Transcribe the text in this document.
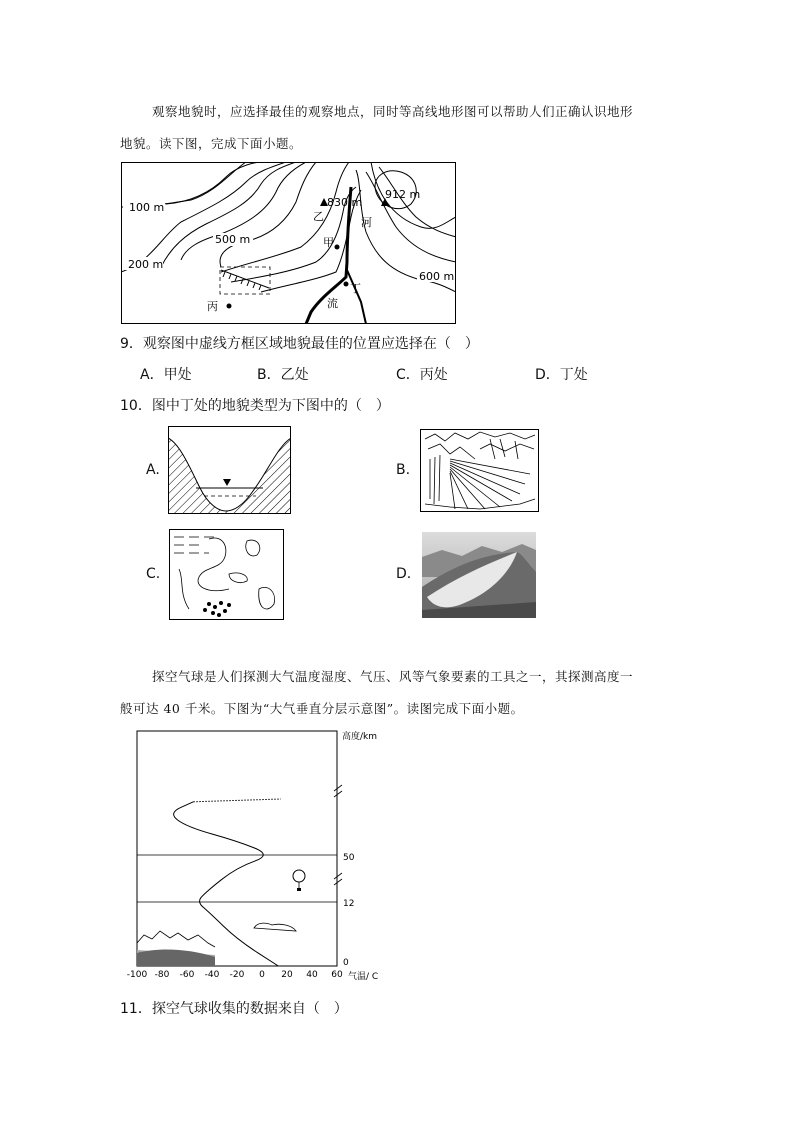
观察地貌时，应选择最佳的观察地点，同时等高线地形图可以帮助人们正确认识地形
地貌。读下图，完成下面小题。
100 m
200 m
500 m
600 m
830 m
912 m
乙
甲
丙
丁
河
流
9．观察图中虚线方框区域地貌最佳的位置应选择在（　）
A．甲处	B．乙处	C．丙处	D．丁处
10．图中丁处的地貌类型为下图中的（　）
A.	B.
C.	D.
探空气球是人们探测大气温度湿度、气压、风等气象要素的工具之一，其探测高度一
般可达 40 千米。下图为“大气垂直分层示意图”。读图完成下面小题。
高度/km
50
12
0
-100 -80 -60 -40 -20 0 20 40 60 气温/ C
11．探空气球收集的数据来自（　）
